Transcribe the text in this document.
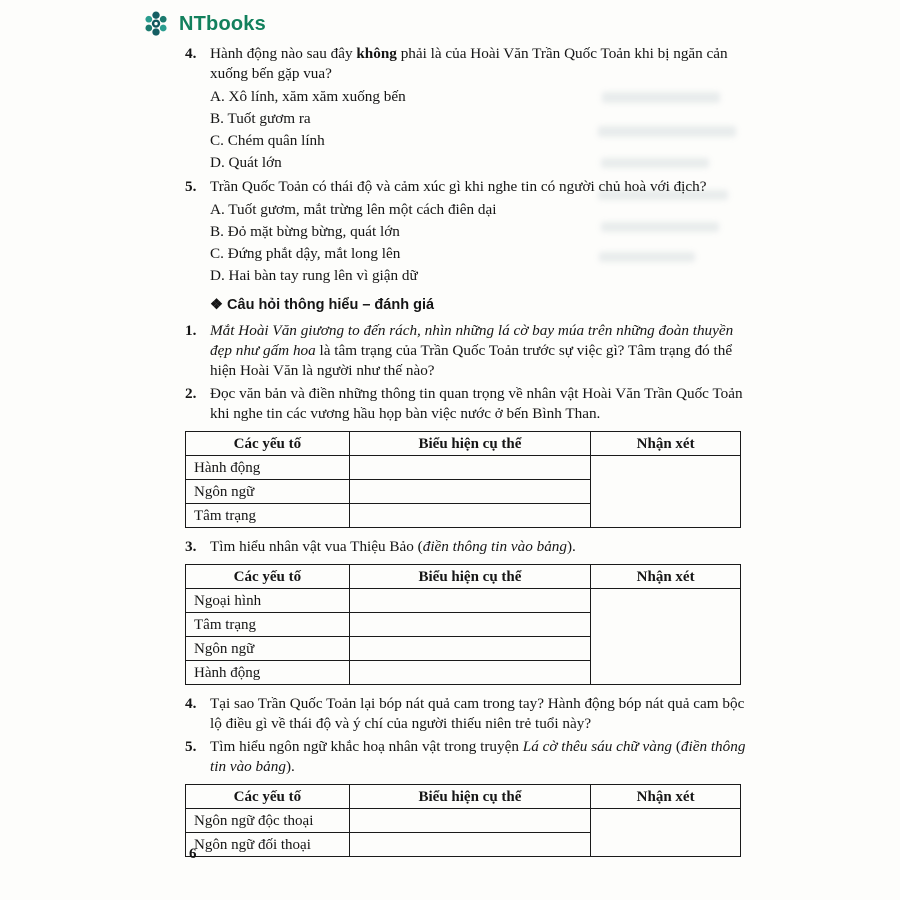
NTbooks
4. Hành động nào sau đây không phải là của Hoài Văn Trần Quốc Toản khi bị ngăn cản xuống bến gặp vua?
A. Xô lính, xăm xăm xuống bến
B. Tuốt gươm ra
C. Chém quân lính
D. Quát lớn
5. Trần Quốc Toản có thái độ và cảm xúc gì khi nghe tin có người chủ hoà với địch?
A. Tuốt gươm, mắt trừng lên một cách điên dại
B. Đỏ mặt bừng bừng, quát lớn
C. Đứng phắt dậy, mắt long lên
D. Hai bàn tay rung lên vì giận dữ
❖ Câu hỏi thông hiểu – đánh giá
1. Mắt Hoài Văn giương to đến rách, nhìn những lá cờ bay múa trên những đoàn thuyền đẹp như gấm hoa là tâm trạng của Trần Quốc Toản trước sự việc gì? Tâm trạng đó thể hiện Hoài Văn là người như thế nào?
2. Đọc văn bản và điền những thông tin quan trọng về nhân vật Hoài Văn Trần Quốc Toản khi nghe tin các vương hầu họp bàn việc nước ở bến Bình Than.
Các yếu tố	Biểu hiện cụ thể	Nhận xét
Hành động		
Ngôn ngữ		
Tâm trạng		
3. Tìm hiểu nhân vật vua Thiệu Bảo (điền thông tin vào bảng).
Các yếu tố	Biểu hiện cụ thể	Nhận xét
Ngoại hình		
Tâm trạng		
Ngôn ngữ		
Hành động		
4. Tại sao Trần Quốc Toản lại bóp nát quả cam trong tay? Hành động bóp nát quả cam bộc lộ điều gì về thái độ và ý chí của người thiếu niên trẻ tuổi này?
5. Tìm hiểu ngôn ngữ khắc hoạ nhân vật trong truyện Lá cờ thêu sáu chữ vàng (điền thông tin vào bảng).
Các yếu tố	Biểu hiện cụ thể	Nhận xét
Ngôn ngữ độc thoại		
Ngôn ngữ đối thoại		
6
